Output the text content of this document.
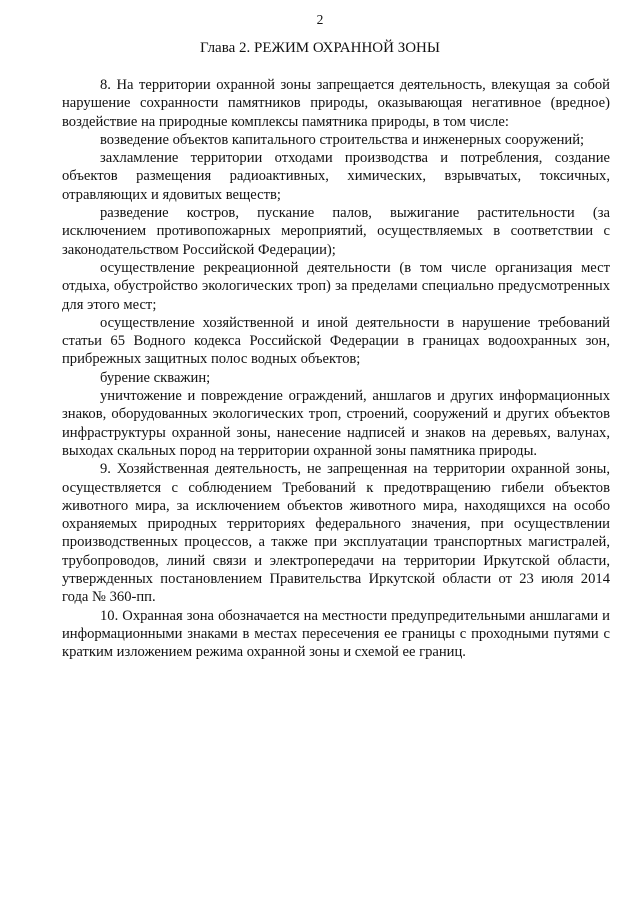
2
Глава 2. РЕЖИМ ОХРАННОЙ ЗОНЫ

8. На территории охранной зоны запрещается деятельность, влекущая за собой нарушение сохранности памятников природы, оказывающая негативное (вредное) воздействие на природные комплексы памятника природы, в том числе:

возведение объектов капитального строительства и инженерных сооружений;

захламление территории отходами производства и потребления, создание объектов размещения радиоактивных, химических, взрывчатых, токсичных, отравляющих и ядовитых веществ;

разведение костров, пускание палов, выжигание растительности (за исключением противопожарных мероприятий, осуществляемых в соответствии с законодательством Российской Федерации);

осуществление рекреационной деятельности (в том числе организация мест отдыха, обустройство экологических троп) за пределами специально предусмотренных для этого мест;

осуществление хозяйственной и иной деятельности в нарушение требований статьи 65 Водного кодекса Российской Федерации в границах водоохранных зон, прибрежных защитных полос водных объектов;

бурение скважин;

уничтожение и повреждение ограждений, аншлагов и других информационных знаков, оборудованных экологических троп, строений, сооружений и других объектов инфраструктуры охранной зоны, нанесение надписей и знаков на деревьях, валунах, выходах скальных пород на территории охранной зоны памятника природы.

9. Хозяйственная деятельность, не запрещенная на территории охранной зоны, осуществляется с соблюдением Требований к предотвращению гибели объектов животного мира, за исключением объектов животного мира, находящихся на особо охраняемых природных территориях федерального значения, при осуществлении производственных процессов, а также при эксплуатации транспортных магистралей, трубопроводов, линий связи и электропередачи на территории Иркутской области, утвержденных постановлением Правительства Иркутской области от 23 июля 2014 года № 360-пп.

10. Охранная зона обозначается на местности предупредительными аншлагами и информационными знаками в местах пересечения ее границы с проходными путями с кратким изложением режима охранной зоны и схемой ее границ.
